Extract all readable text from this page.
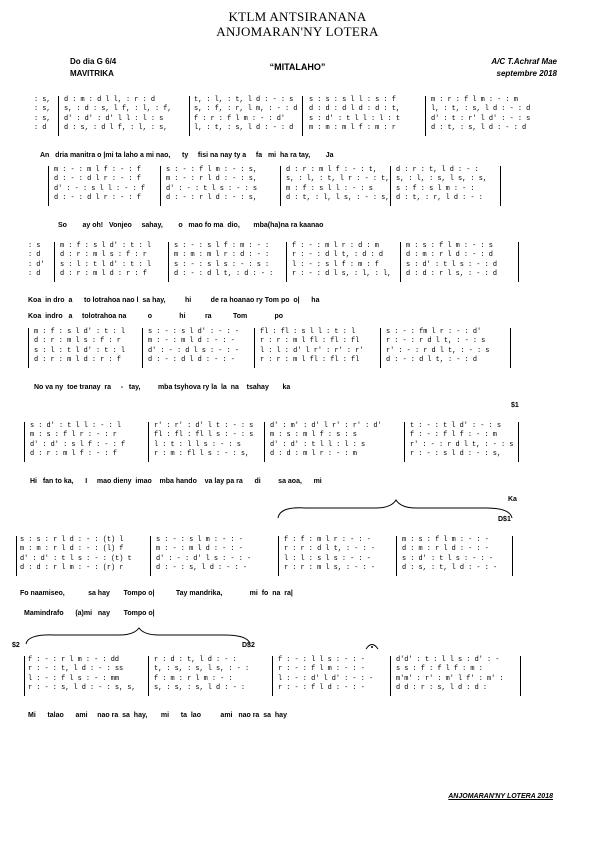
KTLM ANTSIRANANA
ANJOMARAN'NY LOTERA
Do dia G 6/4
MAVITRIKA
“MITALAHO”
A/C T.Achraf Mae
septembre 2018
: s,
: s,
: s,
: d
d : m : d l l, : r : d
s, : d : s, l f, : l, : f,
d' : d' : d' l l : l : s
d : s, : d l f, : l, : s,
t, : l, : t, l d : - : s
s, : f, : r, l m, : - : d
f : r : f l m : - : d'
l, : t, : s, l d : - : d
s : s : s l l : s : f
d : d : d l d : d : t,
s : d' : t l l : l : t
m : m : m l f : m : r
m : r : f l m : - : m
l, : t, : s, l d : - : d
d' : t : r' l d' : - : s
d : t, : s, l d : - : d
An   dria manitra o |mi ta laho a mi nao,      ty     fisi na nay ty a     fa   mi  ha ra tay,        Ja
m : - : m l f : - : f
d : - : d l r : - : f
d' : - : s l l : - : f
d : - : d l r : - : f
s : - : f l m : - : s,
m : - : r l d : - : s,
d' : - : t l s : - : s
d : - : r l d : - : s,
d : r : m l f : - : t,
s, : l, : t, l r : - : t,
m : f : s l l : - : s
d : t, : l, l s, : - : s,
d : r : t, l d : - :
s, : l, : s, l s, : s,
s : f : s l m : - :
d : t, : r, l d : - :
So        ay oh!   Vonjeo     sahay,        o   mao fo ma  dio,       mba(ha)na ra kaanao
: s
: d
: d'
: d
m : f : s l d' : t : l
d : r : m l s : f : r
s : l : t l d' : t : l
d : r : m l d : r : f
s : - : s l f : m : - :
m : m : m l r : d : - :
s : - : s l s : - : s :
d : - : d l t, : d : - :
f : - : m l r : d : m
r : - : d l t, : d : d
l : - : s l f : m : f
r : - : d l s, : l, : l,
m : s : f l m : - : s
d : m : r l d : - : d
s : d' : t l s : - : d
d : d : r l s, : - : d
Koa  in dro  a      to lotrahoa nao l  sa hay,          hi          de ra hoanao ry Tom po  o|      ha
Koa  indro   a     tolotrahoa na           o              hi          ra           Tom              po
m : f : s l d' : t : l
d : r : m l s : f : r
s : l : t l d' : t : l
d : r : m l d : r : f
s : - : s l d' : - : -
m : - : m l d : - : -
d' : - : d l s : - : -
d : - : d l d : - : -
fl : fl : s l l : t : l
r : r : m l fl : fl : fl
l : l : d' l r' : r' : r'
r : r : m l fl : fl : fl
s : - : fm l r : - : d'
r : - : r d l t, : - : s
r' : - : r d l t, : - : s
d : - : d l t, : - : d
No va ny  toe tranay  ra     -   tay,         mba tsyhova ry la  la  na    tsahay       ka
$1
s : d' : t l l : - : l
m : s : f l r : - : r
d' : d' : s l f : - : f
d : r : m l f : - : f
r' : r' : d' l t : - : s
fl : fl : fl l s : - : s
l : t : l l s : - : s
r : m : fl l s : - : s,
d' : m' : d' l r' : r' : d'
m : s : m l f : s : s
d' : d' : t l l : l : s
d : d : m l r : - : m
t : - : t l d' : - : s
f : - : f l f : - : m
r' : - : r d l t, : - : s
r : - : s l d : - : s,
Hi   fan to ka,      I     mao dieny  imao    mba hando    va lay pa ra      di         sa aoa,      mi
Ka
D$1
s : s : r l d : - : (t) l
m : m : r l d : - : (l) f
d' : d' : t l s : - : (t) t
d : d : r l m : - : (r) r
s : - : s l m : - : -
m : - : m l d : - : -
d' : - : d' l s : - : -
d : - : s, l d : - : -
f : f : m l r : - : -
r : r : d l t, : - : -
l : l : s l s : - : -
r : r : m l s, : - : -
m : s : f l m : - : -
d : m : r l d : - : -
s : d' : t l s : - : -
d : s, : t, l d : - : -
Fo naamiseo,            sa hay       Tompo o|           Tay mandrika,              mi  fo  na  ra|
Mamindrafo      (a)mi   nay       Tompo o|
$2	D$2
f : - : r l m : - : dd
r : - : t, l d : - : ss
l : - : f l s : - : mm
r : - : s, l d : - : s, s,
r : d : t, l d : - :
t, : s, : s, l s, : - :
f : m : r l m : - :
s, : s, : s, l d : - :
f : - : l l s : - : -
r : - : f l m : - : -
l : - : d' l d' : - : -
r : - : f l d : - : -
d'd' : t : l l s : d' : -
s s : f : f l f : m :
m'm' : r' : m' l f' : m' :
d d : r : s, l d : d :
Mi      talao      ami     nao ra  sa  hay,       mi      ta  lao          ami   nao ra  sa  hay
ANJOMARAN'NY LOTERA 2018
